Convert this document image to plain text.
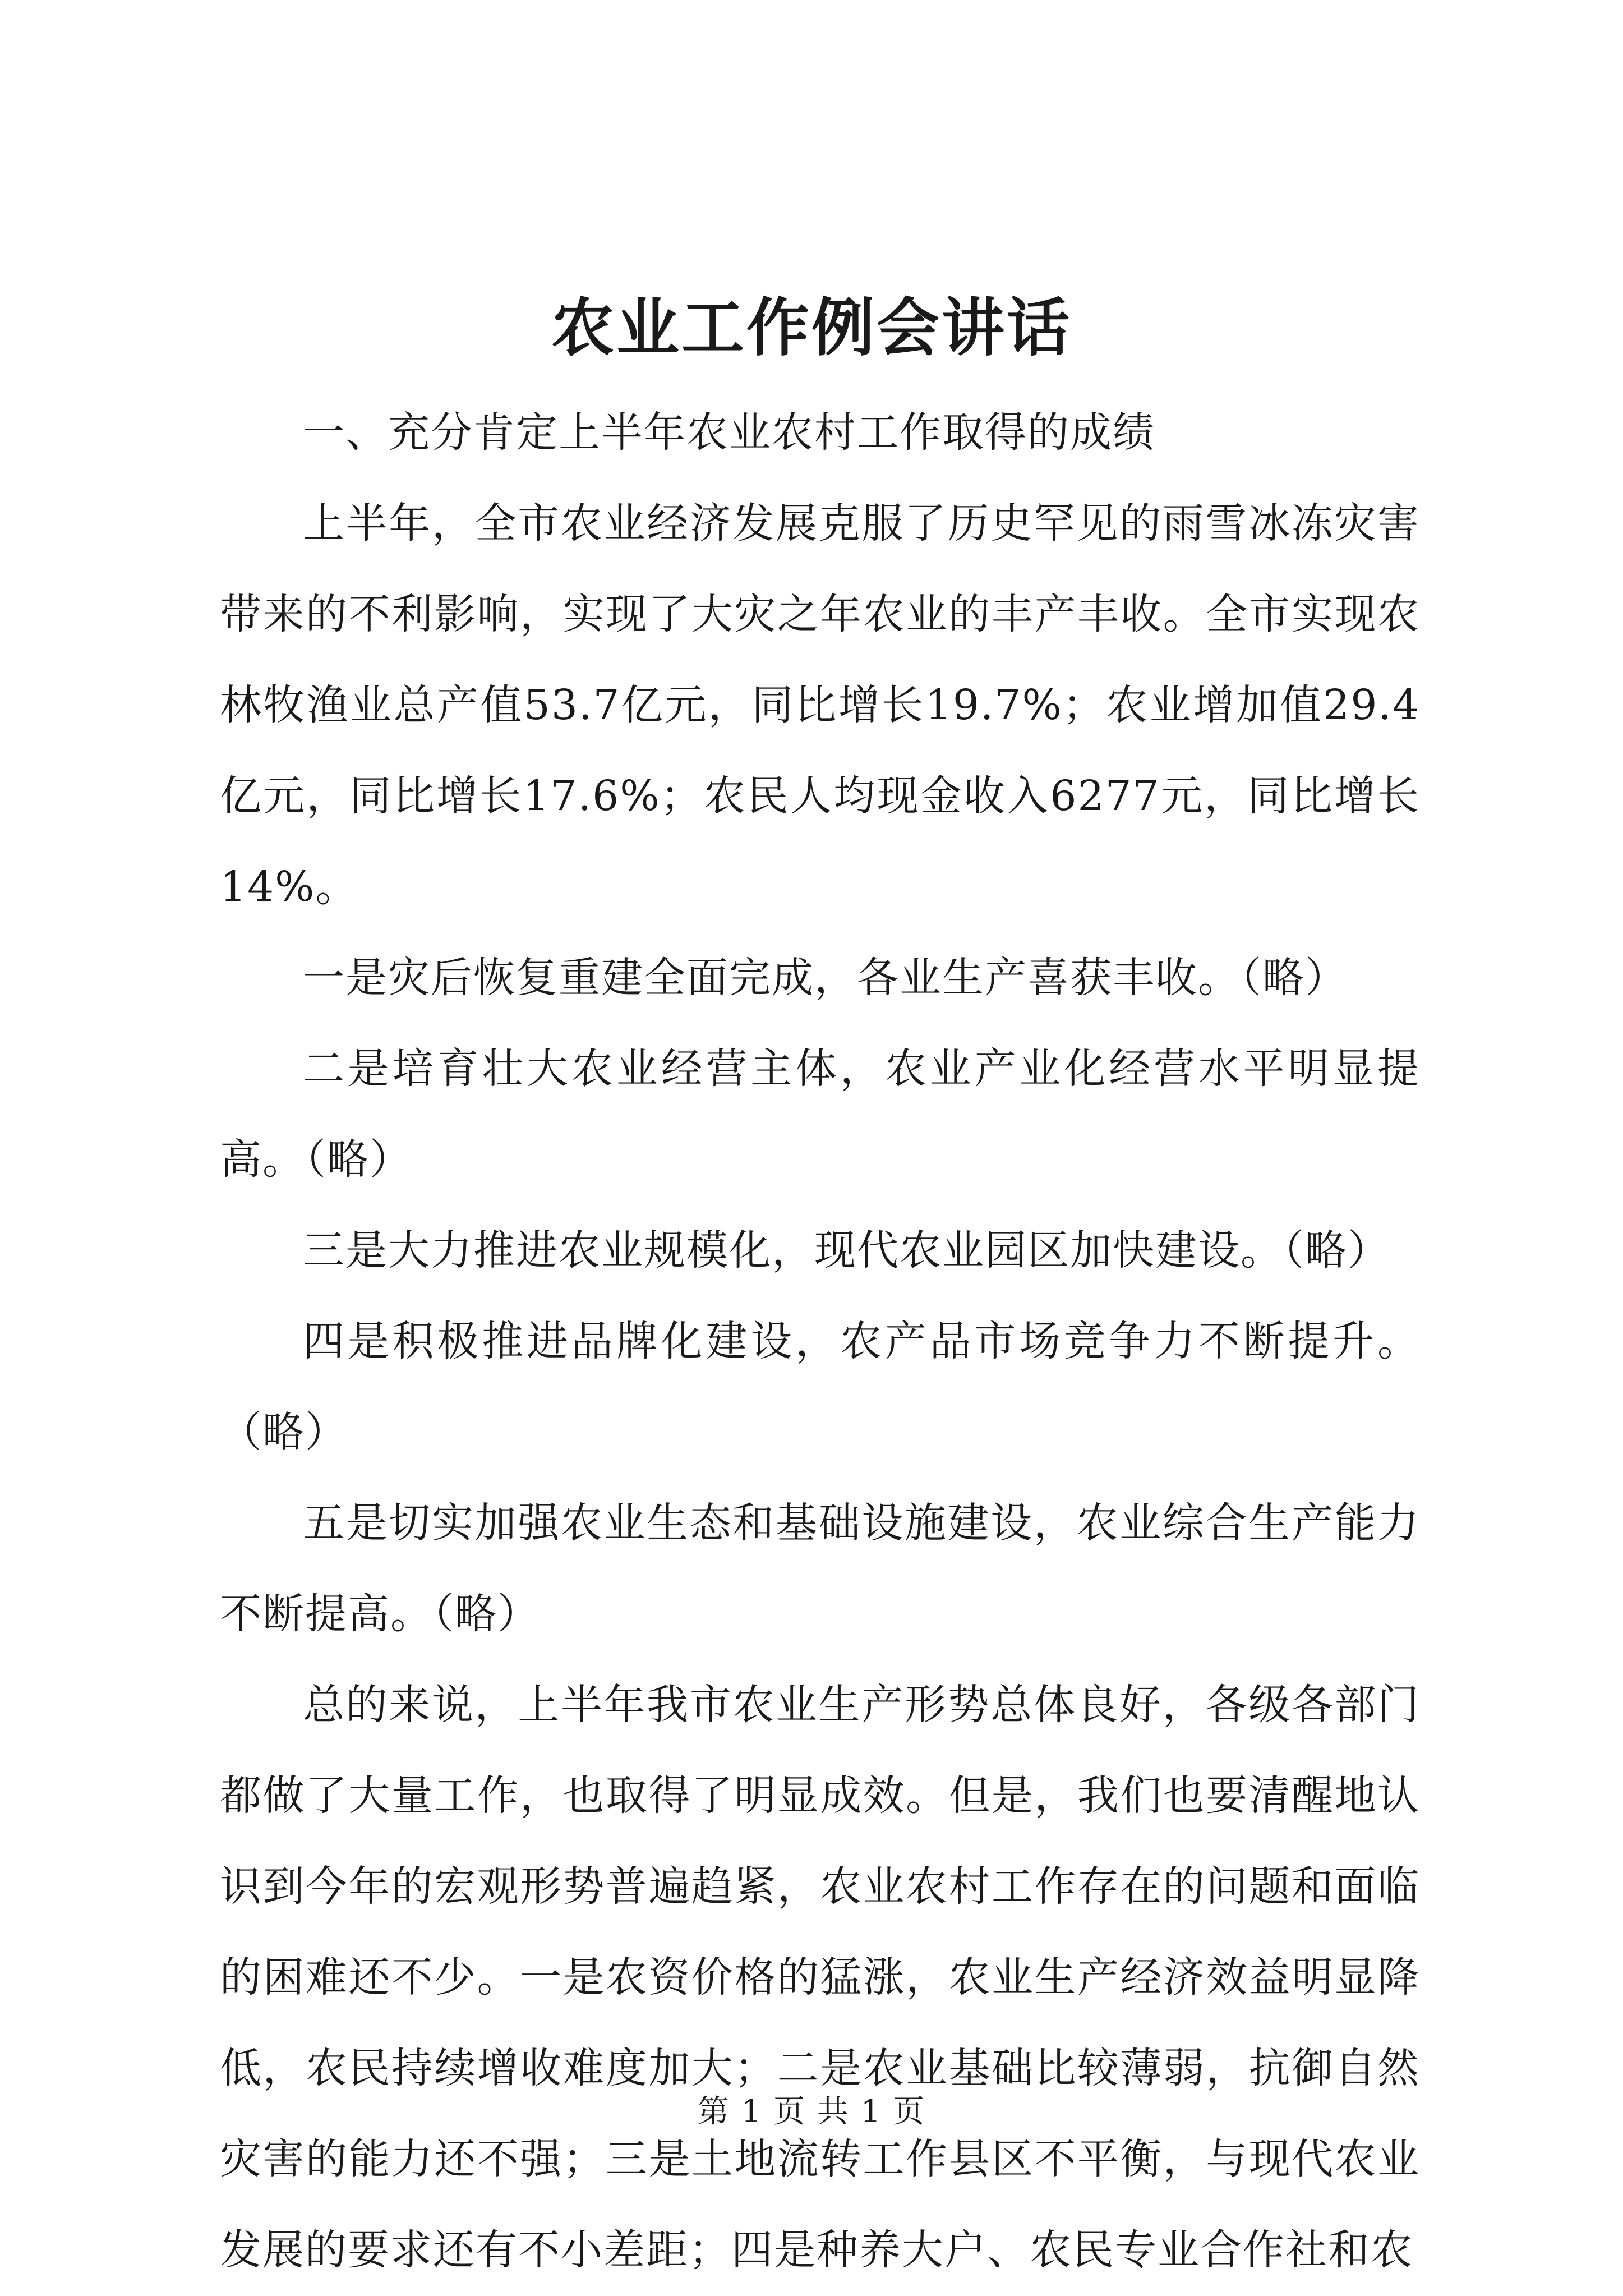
农业工作例会讲话

一、充分肯定上半年农业农村工作取得的成绩

上半年，全市农业经济发展克服了历史罕见的雨雪冰冻灾害带来的不利影响，实现了大灾之年农业的丰产丰收。全市实现农林牧渔业总产值53.7亿元，同比增长19.7%；农业增加值29.4亿元，同比增长17.6%；农民人均现金收入6277元，同比增长14%。

一是灾后恢复重建全面完成，各业生产喜获丰收。（略）

二是培育壮大农业经营主体，农业产业化经营水平明显提高。（略）

三是大力推进农业规模化，现代农业园区加快建设。（略）

四是积极推进品牌化建设，农产品市场竞争力不断提升。（略）

五是切实加强农业生态和基础设施建设，农业综合生产能力不断提高。（略）

总的来说，上半年我市农业生产形势总体良好，各级各部门都做了大量工作，也取得了明显成效。但是，我们也要清醒地认识到今年的宏观形势普遍趋紧，农业农村工作存在的问题和面临的困难还不少。一是农资价格的猛涨，农业生产经济效益明显降低，农民持续增收难度加大；二是农业基础比较薄弱，抗御自然灾害的能力还不强；三是土地流转工作县区不平衡，与现代农业发展的要求还有不小差距；四是种养大户、农民专业合作社和农

第 1 页 共 1 页
